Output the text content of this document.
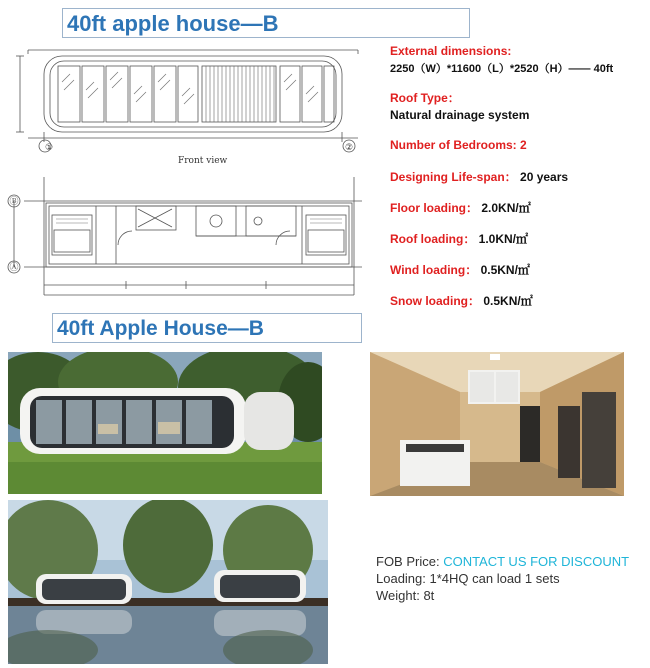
40ft apple house—B
40ft Apple House—B
①	②
Front view
Ⓑ
Ⓐ
External dimensions:
2250（W）*11600（L）*2520（H）—— 40ft
Roof Type：
Natural drainage system
Number of Bedrooms: 2
Designing Life-span： 20 years
Floor loading： 2.0KN/㎡
Roof loading： 1.0KN/㎡
Wind loading： 0.5KN/㎡
Snow loading： 0.5KN/㎡
FOB Price: CONTACT US FOR DISCOUNT
Loading: 1*4HQ can load 1 sets
Weight: 8t
